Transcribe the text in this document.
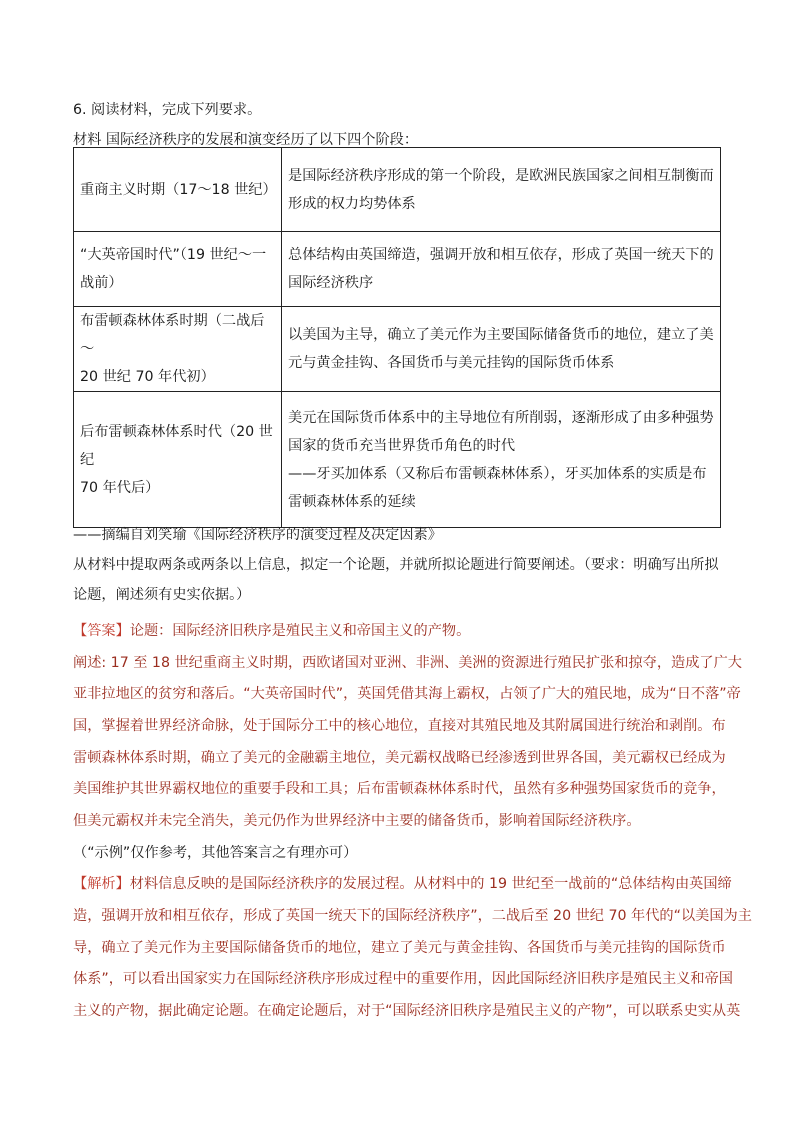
6. 阅读材料，完成下列要求。
材料 国际经济秩序的发展和演变经历了以下四个阶段：
重商主义时期（17～18 世纪）	是国际经济秩序形成的第一个阶段，是欧洲民族国家之间相互制衡而
形成的权力均势体系
“大英帝国时代”（19 世纪～一
战前）	总体结构由英国缔造，强调开放和相互依存，形成了英国一统天下的
国际经济秩序
布雷顿森林体系时期（二战后～
20 世纪 70 年代初）	以美国为主导，确立了美元作为主要国际储备货币的地位，建立了美
元与黄金挂钩、各国货币与美元挂钩的国际货币体系
后布雷顿森林体系时代（20 世纪
70 年代后）	美元在国际货币体系中的主导地位有所削弱，逐渐形成了由多种强势
国家的货币充当世界货币角色的时代
——牙买加体系（又称后布雷顿森林体系），牙买加体系的实质是布
雷顿森林体系的延续
——摘编自刘笑瑜《国际经济秩序的演变过程及决定因素》
从材料中提取两条或两条以上信息，拟定一个论题，并就所拟论题进行简要阐述。（要求：明确写出所拟
论题，阐述须有史实依据。）
【答案】论题：国际经济旧秩序是殖民主义和帝国主义的产物。
阐述: 17 至 18 世纪重商主义时期，西欧诸国对亚洲、非洲、美洲的资源进行殖民扩张和掠夺，造成了广大
亚非拉地区的贫穷和落后。“大英帝国时代”，英国凭借其海上霸权，占领了广大的殖民地，成为“日不落”帝
国，掌握着世界经济命脉，处于国际分工中的核心地位，直接对其殖民地及其附属国进行统治和剥削。布
雷顿森林体系时期，确立了美元的金融霸主地位，美元霸权战略已经渗透到世界各国，美元霸权已经成为
美国维护其世界霸权地位的重要手段和工具；后布雷顿森林体系时代，虽然有多种强势国家货币的竞争，
但美元霸权并未完全消失，美元仍作为世界经济中主要的储备货币，影响着国际经济秩序。
（“示例”仅作参考，其他答案言之有理亦可）
【解析】材料信息反映的是国际经济秩序的发展过程。从材料中的 19 世纪至一战前的“总体结构由英国缔
造，强调开放和相互依存，形成了英国一统天下的国际经济秩序”，二战后至 20 世纪 70 年代的“以美国为主
导，确立了美元作为主要国际储备货币的地位，建立了美元与黄金挂钩、各国货币与美元挂钩的国际货币
体系”，可以看出国家实力在国际经济秩序形成过程中的重要作用，因此国际经济旧秩序是殖民主义和帝国
主义的产物，据此确定论题。在确定论题后，对于“国际经济旧秩序是殖民主义的产物”，可以联系史实从英
